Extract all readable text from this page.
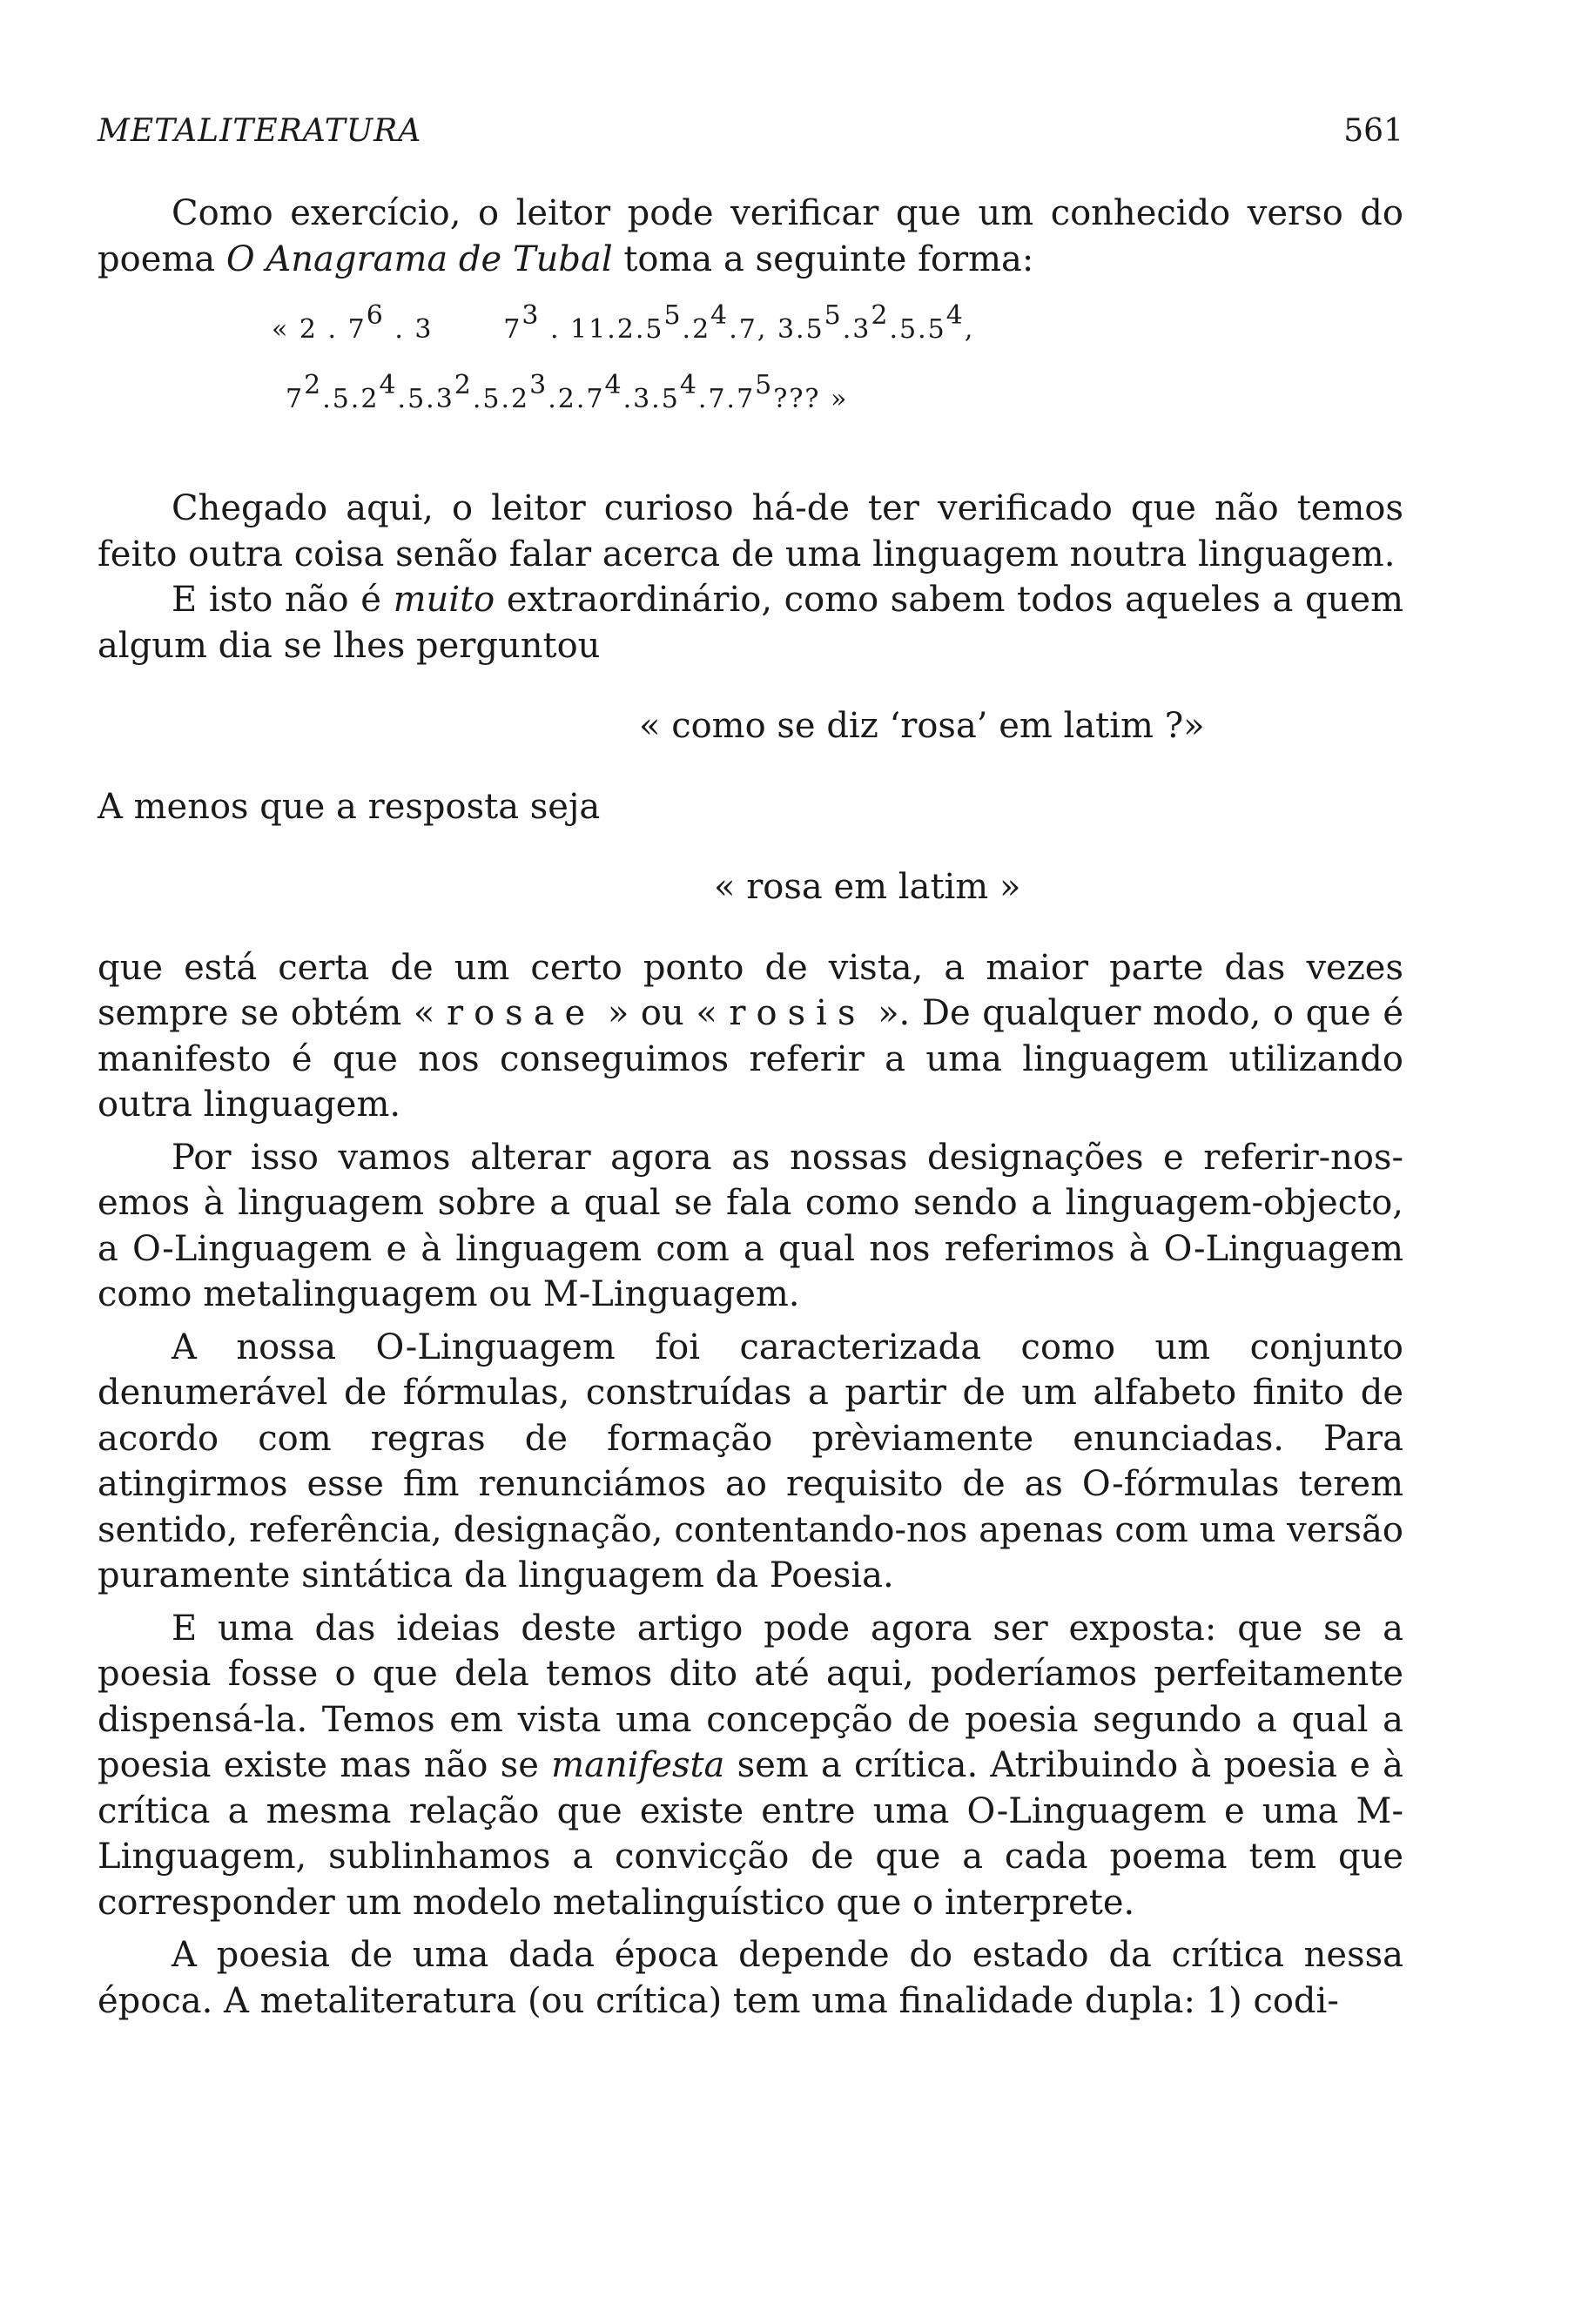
METALITERATURA	561

Como exercício, o leitor pode verificar que um conhecido verso do poema O Anagrama de Tubal toma a seguinte forma:

« 2 . $7^6$ . 3       $7^3$ . $11.2.5^5.2^4.7$, $3.5^5.3^2.5.5^4$,
$7^2.5.2^4.5.3^2.5.2^3.2.7^4.3.5^4.7.7^5$??? »

Chegado aqui, o leitor curioso há-de ter verificado que não temos feito outra coisa senão falar acerca de uma linguagem noutra linguagem.

E isto não é muito extraordinário, como sabem todos aqueles a quem algum dia se lhes perguntou

« como se diz ‘rosa’ em latim ?»

A menos que a resposta seja

« rosa em latim »

que está certa de um certo ponto de vista, a maior parte das vezes sempre se obtém « rosae » ou « rosis ». De qualquer modo, o que é manifesto é que nos conseguimos referir a uma linguagem utilizando outra linguagem.

Por isso vamos alterar agora as nossas designações e referir-nos-emos à linguagem sobre a qual se fala como sendo a linguagem-objecto, a O-Linguagem e à linguagem com a qual nos referimos à O-Linguagem como metalinguagem ou M-Linguagem.

A nossa O-Linguagem foi caracterizada como um conjunto denumerável de fórmulas, construídas a partir de um alfabeto finito de acordo com regras de formação prèviamente enunciadas. Para atingirmos esse fim renunciámos ao requisito de as O-fórmulas terem sentido, referência, designação, contentando-nos apenas com uma versão puramente sintática da linguagem da Poesia.

E uma das ideias deste artigo pode agora ser exposta: que se a poesia fosse o que dela temos dito até aqui, poderíamos perfeitamente dispensá-la. Temos em vista uma concepção de poesia segundo a qual a poesia existe mas não se manifesta sem a crítica. Atribuindo à poesia e à crítica a mesma relação que existe entre uma O-Linguagem e uma M-Linguagem, sublinhamos a convicção de que a cada poema tem que corresponder um modelo metalinguístico que o interprete.

A poesia de uma dada época depende do estado da crítica nessa época. A metaliteratura (ou crítica) tem uma finalidade dupla: 1) codi-
